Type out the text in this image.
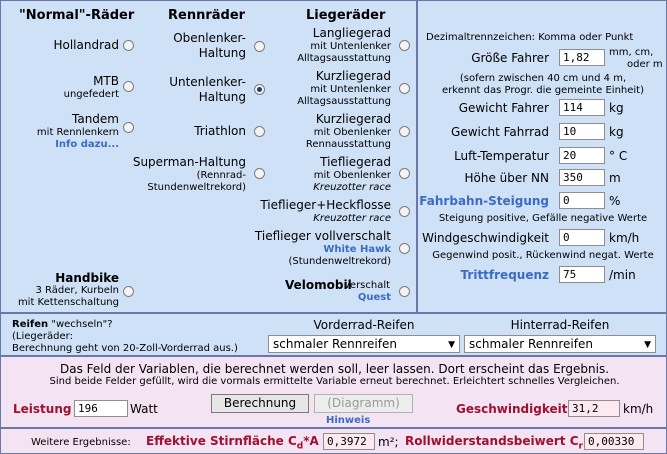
"Normal"-Räder	Rennräder	Liegeräder
Hollandrad
MTB
ungefedert
Tandem
mit Rennlenkern
Info dazu...
Handbike
3 Räder, Kurbeln
mit Kettenschaltung
Obenlenker-
Haltung
Untenlenker-
Haltung
Triathlon
Superman-Haltung
(Rennrad-
Stundenweltrekord)
Langliegerad
mit Untenlenker
Alltagsausstattung
Kurzliegerad
mit Untenlenker
Alltagsausstattung
Kurzliegerad
mit Obenlenker
Rennausstattung
Tiefliegerad
mit Obenlenker
Kreuzotter race
Tieflieger+Heckflosse
Kreuzotter race
Tieflieger vollverschalt
White Hawk
(Stundenweltrekord)
Velomobil
verschalt
Quest
Dezimaltrennzeichen: Komma oder Punkt
Größe Fahrer	1,82	mm, cm,
oder m
(sofern zwischen 40 cm und 4 m,
erkennt das Progr. die gemeinte Einheit)
Gewicht Fahrer	114	kg
Gewicht Fahrrad	10	kg
Luft-Temperatur	20	° C
Höhe über NN	350	m
Fahrbahn-Steigung	0	%
Steigung positive, Gefälle negative Werte
Windgeschwindigkeit	0	km/h
Gegenwind posit., Rückenwind negat. Werte
Trittfrequenz	75	/min
Reifen "wechseln"?
(Liegeräder:
Berechnung geht von 20-Zoll-Vorderrad aus.)
Vorderrad-Reifen
schmaler Rennreifen	▼
Hinterrad-Reifen
schmaler Rennreifen	▼
Das Feld der Variablen, die berechnet werden soll, leer lassen. Dort erscheint das Ergebnis.
Sind beide Felder gefüllt, wird die vormals ermittelte Variable erneut berechnet. Erleichtert schnelles Vergleichen.
Leistung 196	Watt	Berechnung	(Diagramm)
Hinweis
Geschwindigkeit 31,2	km/h
Weitere Ergebnisse: Effektive Stirnfläche $C_d*A$ 0,3972 m²; Rollwiderstandsbeiwert $C_r$ 0,00330
